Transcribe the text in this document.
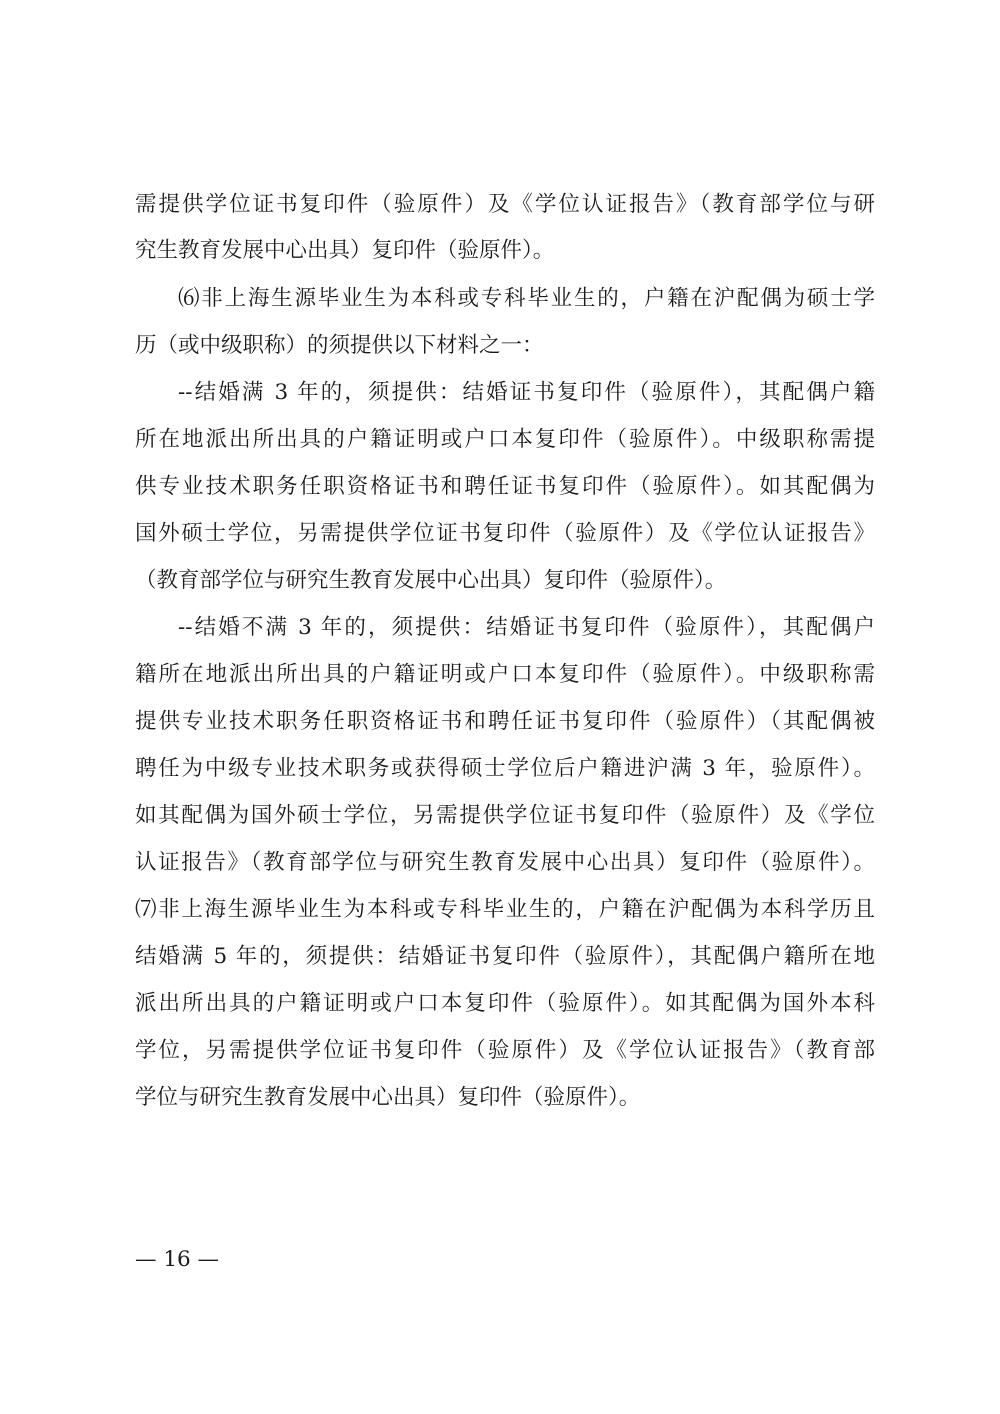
需提供学位证书复印件（验原件）及《学位认证报告》（教育部学位与研
究生教育发展中心出具）复印件（验原件）。
⑹非上海生源毕业生为本科或专科毕业生的，户籍在沪配偶为硕士学
历（或中级职称）的须提供以下材料之一：
--结婚满 3 年的，须提供：结婚证书复印件（验原件），其配偶户籍
所在地派出所出具的户籍证明或户口本复印件（验原件）。中级职称需提
供专业技术职务任职资格证书和聘任证书复印件（验原件）。如其配偶为
国外硕士学位，另需提供学位证书复印件（验原件）及《学位认证报告》
（教育部学位与研究生教育发展中心出具）复印件（验原件）。
--结婚不满 3 年的，须提供：结婚证书复印件（验原件），其配偶户
籍所在地派出所出具的户籍证明或户口本复印件（验原件）。中级职称需
提供专业技术职务任职资格证书和聘任证书复印件（验原件）（其配偶被
聘任为中级专业技术职务或获得硕士学位后户籍进沪满 3 年，验原件）。
如其配偶为国外硕士学位，另需提供学位证书复印件（验原件）及《学位
认证报告》（教育部学位与研究生教育发展中心出具）复印件（验原件）。
⑺非上海生源毕业生为本科或专科毕业生的，户籍在沪配偶为本科学历且
结婚满 5 年的，须提供：结婚证书复印件（验原件），其配偶户籍所在地
派出所出具的户籍证明或户口本复印件（验原件）。如其配偶为国外本科
学位，另需提供学位证书复印件（验原件）及《学位认证报告》（教育部
学位与研究生教育发展中心出具）复印件（验原件）。
— 16 —
